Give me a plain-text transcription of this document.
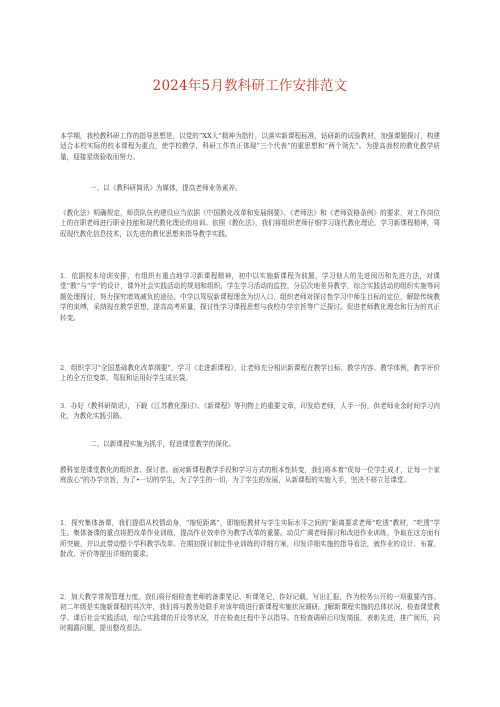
2024年5月教科研工作安排范文

本学期，我校教科研工作的指导思想是，以党的“XX大”精神为指针，以落实新课程标准，钻研新的试验教材，加强课题探讨，构建适合本校实际的校本课程为重点，使学校教学，科研工作真正体现“三个代表”的重思想和“两个领先”。为提高我校的教化教学质量，迎接星级验收而努力。

一、以《教科研简讯》为媒体，提高老师业务素养。

《教化法》明确规定，师资队伍的建设应当依据《中国教化改革和发展纲要》、《老师法》和《老师资格条例》的要求，对工作岗位上的在职老师进行职业技能和现代教化理论的培训。依照《教化法》，我们将组织老师仔细学习现代教化理论，学习新课程精神，驾驭现代教化信息技术，以先进的教化思想来指导教学实践。

1．依据校本培训安排，有组织有重点地学习新课程精神，初中以实施新课程为前题，学习他人的先进阅历和先进方法，对课堂“教”与“学”的设计，课外社会实践活动的规划和组织，学生学习活动的监控，分层次地差异教学，综合实践活动的组织实施等问题处理探讨，努力探究增效减负的途径。中学以驾驭新课程理念为切入口，组织老师对探讨性学习中师生目标的定位，解除传统教学的束缚，采纳现在教学思想，提高高考质量，探讨性学习课程思想与我校办学宗旨等广泛探讨。促进老师教化理念和行为的真正转变。

2．组织学习“全国基础教化改革纲要”，学习《走进新课程》，让老师充分相识新课程在教学目标、教学内容、教学体例，教学评价上的全方位变革，驾驭和运用好学生成长袋。

3．办好《教科研简讯》，下载《江苏教化探讨》、《新课程》等刊物上的重要文章，印发给老师，人手一份，供老师业余时间学习内化，为教化实践引路。

二、以新课程实施为抓手，促进课堂教学的深化。

教科室是课堂教化的组织者、探讨者。面对新课程教学手段和学习方式的根本性转变，我们将本着“促每一位学生成才，让每一个家庭放心”的办学宗旨，为了•一切的学生，为了学生的一切，为了学生的发展，从新课程的实施入手，坚决不移立足课堂。

1．探究集体备课，我们提倡从校情动身，“缩短距离”，即缩短教材与学生实际水平之间的“距离要求老师“吃透”教材，“吃透”学生。集体备课的重点将把改革作业训练，提高作业效率作为教学改革的重要。动员广调老师探讨和改进作业训练，争取在这方面有所突破，并以此带动整个学科教学改革。在期初探讨制定作业训练的详细方案，印发详细实施的指导看法，就作业的设计、布置、批改、评价等提出详细的要求。

2．加大教学常规管理力度。我们将仔细检查老师的备课笔记、听课笔记，作好记载，写出汇报，作为校务公开的一项重要内容。初二年级是实施新课程的其次年，我们将与教务处联手对该年级进行新课程实施状况调研。J解新课程实施的总体状况，检查课堂教学、课后社会实践活动，综合实践课的开设等状况，并在检查过程中予以指导。在检查调研后印发简报，表彰先进，推广阅历，同时揭露问题，提出整改看法。
